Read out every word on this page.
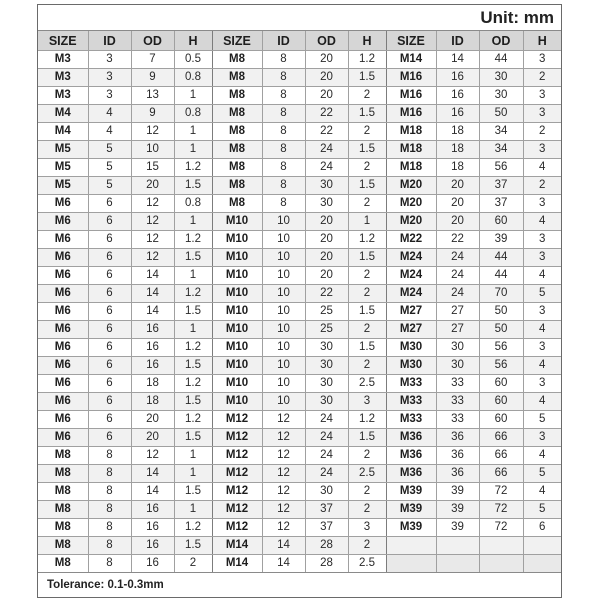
Unit: mm
SIZE	ID	OD	H	SIZE	ID	OD	H	SIZE	ID	OD	H
M3	3	7	0.5	M8	8	20	1.2	M14	14	44	3
M3	3	9	0.8	M8	8	20	1.5	M16	16	30	2
M3	3	13	1	M8	8	20	2	M16	16	30	3
M4	4	9	0.8	M8	8	22	1.5	M16	16	50	3
M4	4	12	1	M8	8	22	2	M18	18	34	2
M5	5	10	1	M8	8	24	1.5	M18	18	34	3
M5	5	15	1.2	M8	8	24	2	M18	18	56	4
M5	5	20	1.5	M8	8	30	1.5	M20	20	37	2
M6	6	12	0.8	M8	8	30	2	M20	20	37	3
M6	6	12	1	M10	10	20	1	M20	20	60	4
M6	6	12	1.2	M10	10	20	1.2	M22	22	39	3
M6	6	12	1.5	M10	10	20	1.5	M24	24	44	3
M6	6	14	1	M10	10	20	2	M24	24	44	4
M6	6	14	1.2	M10	10	22	2	M24	24	70	5
M6	6	14	1.5	M10	10	25	1.5	M27	27	50	3
M6	6	16	1	M10	10	25	2	M27	27	50	4
M6	6	16	1.2	M10	10	30	1.5	M30	30	56	3
M6	6	16	1.5	M10	10	30	2	M30	30	56	4
M6	6	18	1.2	M10	10	30	2.5	M33	33	60	3
M6	6	18	1.5	M10	10	30	3	M33	33	60	4
M6	6	20	1.2	M12	12	24	1.2	M33	33	60	5
M6	6	20	1.5	M12	12	24	1.5	M36	36	66	3
M8	8	12	1	M12	12	24	2	M36	36	66	4
M8	8	14	1	M12	12	24	2.5	M36	36	66	5
M8	8	14	1.5	M12	12	30	2	M39	39	72	4
M8	8	16	1	M12	12	37	2	M39	39	72	5
M8	8	16	1.2	M12	12	37	3	M39	39	72	6
M8	8	16	1.5	M14	14	28	2				
M8	8	16	2	M14	14	28	2.5				
Tolerance: 0.1-0.3mm
